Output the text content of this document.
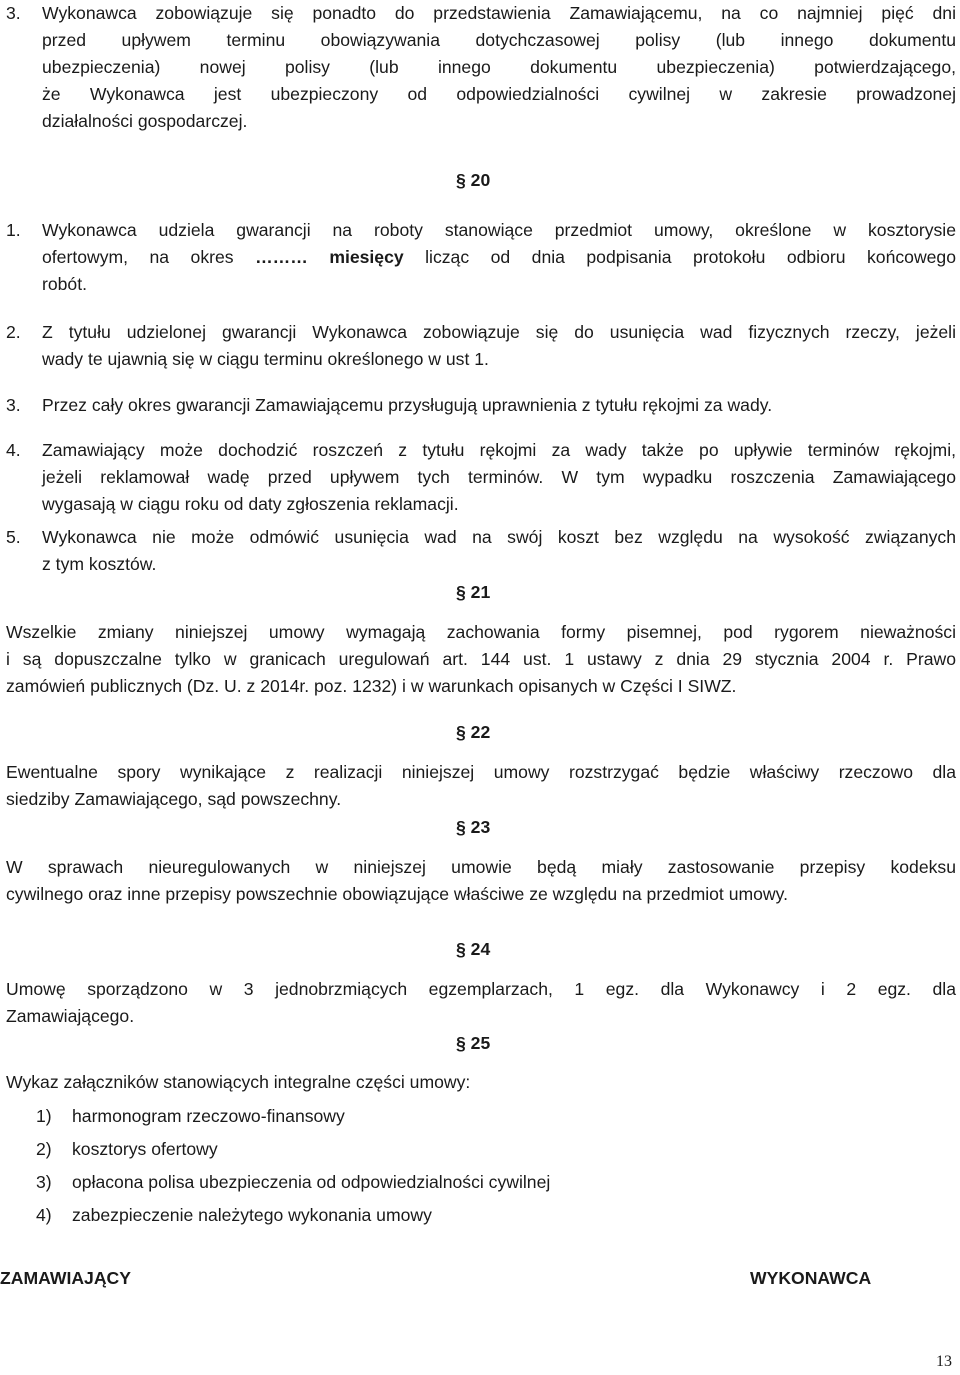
3. Wykonawca zobowiązuje się ponadto do przedstawienia Zamawiającemu, na co najmniej pięć dni
przed upływem terminu obowiązywania dotychczasowej polisy (lub innego dokumentu
ubezpieczenia) nowej polisy (lub innego dokumentu ubezpieczenia) potwierdzającego,
że Wykonawca jest ubezpieczony od odpowiedzialności cywilnej w zakresie prowadzonej
działalności gospodarczej.
§ 20
1. Wykonawca udziela gwarancji na roboty stanowiące przedmiot umowy, określone w kosztorysie
ofertowym, na okres ……… miesięcy licząc od dnia podpisania protokołu odbioru końcowego
robót.
2. Z tytułu udzielonej gwarancji Wykonawca zobowiązuje się do usunięcia wad fizycznych rzeczy, jeżeli
wady te ujawnią się w ciągu terminu określonego w ust 1.
3. Przez cały okres gwarancji Zamawiającemu przysługują uprawnienia z tytułu rękojmi za wady.
4. Zamawiający może dochodzić roszczeń z tytułu rękojmi za wady także po upływie terminów rękojmi,
jeżeli reklamował wadę przed upływem tych terminów. W tym wypadku roszczenia Zamawiającego
wygasają w ciągu roku od daty zgłoszenia reklamacji.
5. Wykonawca nie może odmówić usunięcia wad na swój koszt bez względu na wysokość związanych
z tym kosztów.
§ 21
Wszelkie zmiany niniejszej umowy wymagają zachowania formy pisemnej, pod rygorem nieważności
i są dopuszczalne tylko w granicach uregulowań art. 144 ust. 1 ustawy z dnia 29 stycznia 2004 r. Prawo
zamówień publicznych (Dz. U. z 2014r. poz. 1232) i w warunkach opisanych w Części I SIWZ.
§ 22
Ewentualne spory wynikające z realizacji niniejszej umowy rozstrzygać będzie właściwy rzeczowo dla
siedziby Zamawiającego, sąd powszechny.
§ 23
W sprawach nieuregulowanych w niniejszej umowie będą miały zastosowanie przepisy kodeksu
cywilnego oraz inne przepisy powszechnie obowiązujące właściwe ze względu na przedmiot umowy.
§ 24
Umowę sporządzono w 3 jednobrzmiących egzemplarzach, 1 egz. dla Wykonawcy i 2 egz. dla
Zamawiającego.
§ 25
Wykaz załączników stanowiących integralne części umowy:
1) harmonogram rzeczowo-finansowy
2) kosztorys ofertowy
3) opłacona polisa ubezpieczenia od odpowiedzialności cywilnej
4) zabezpieczenie należytego wykonania umowy
ZAMAWIAJĄCY	WYKONAWCA
13
